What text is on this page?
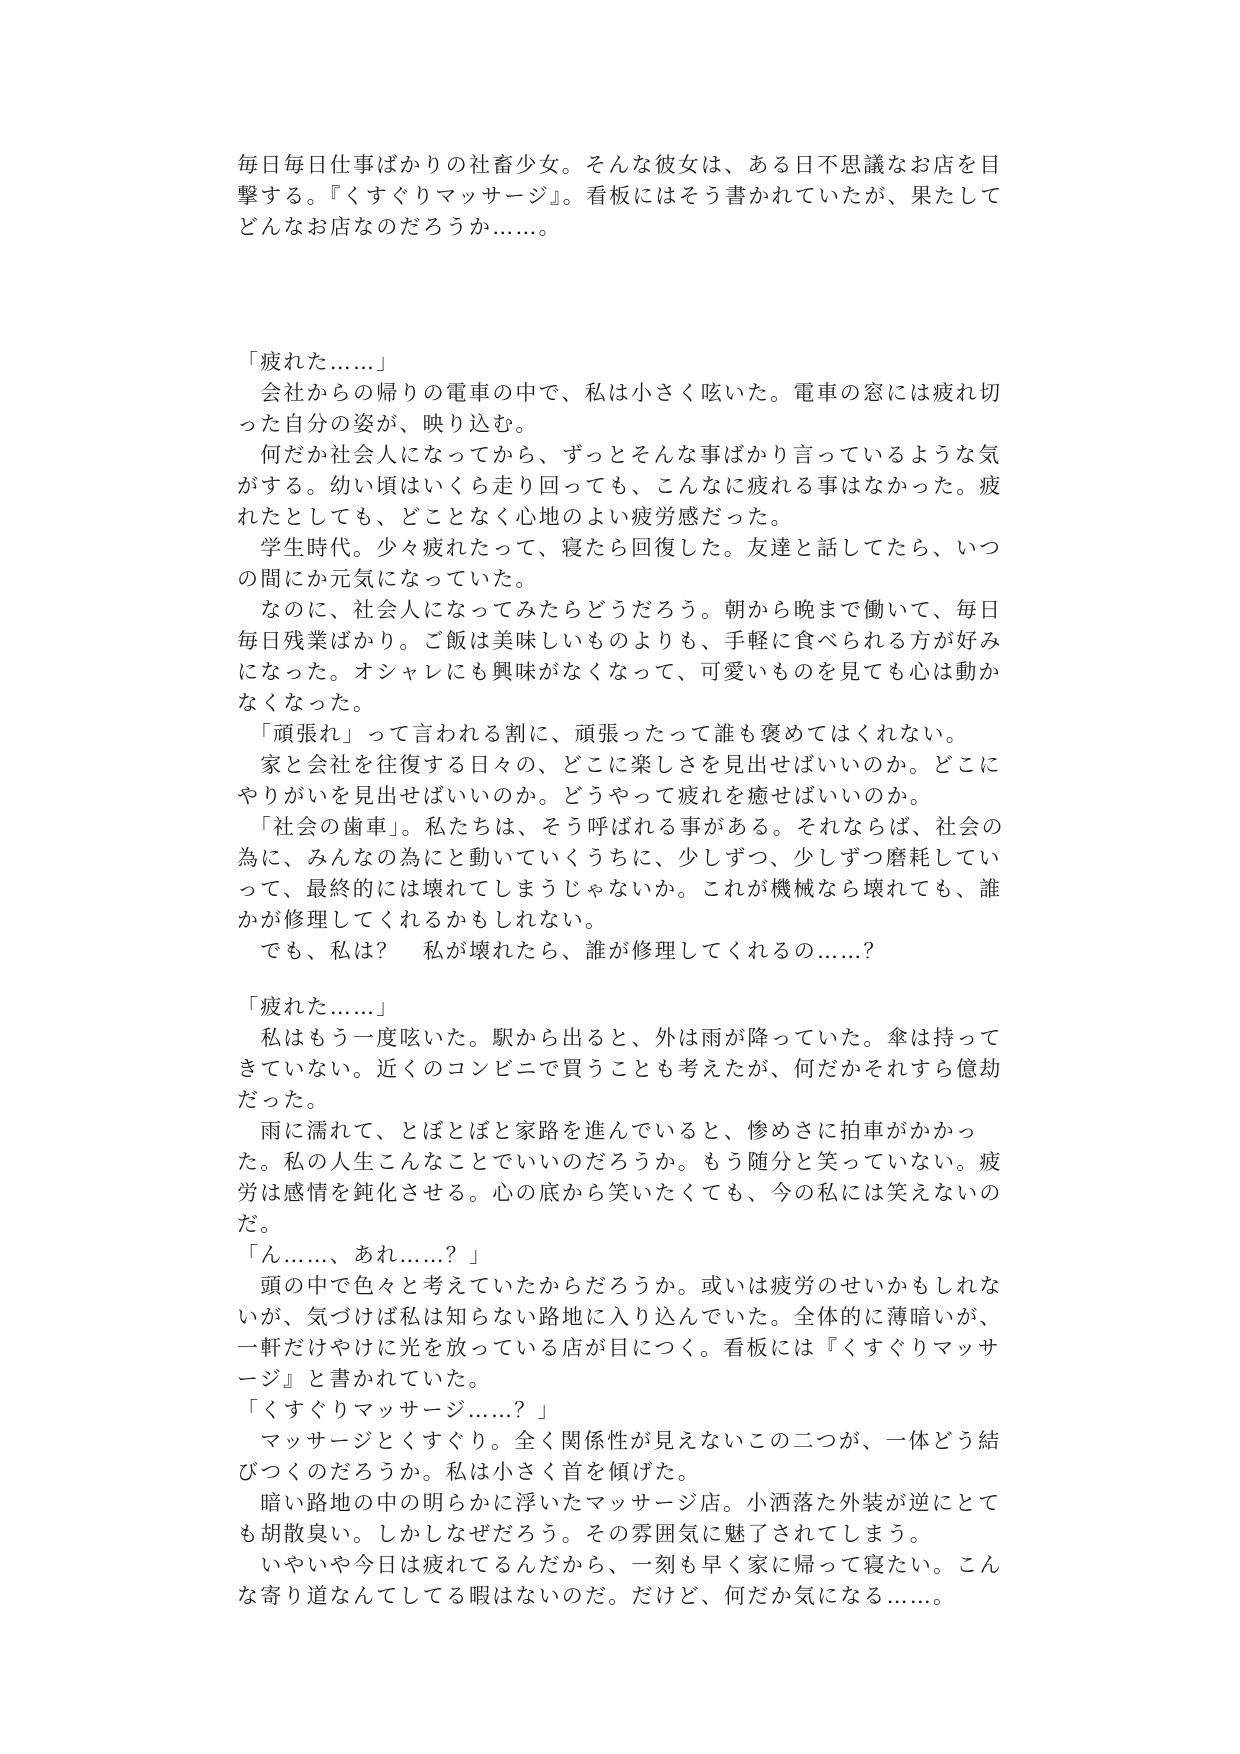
毎日毎日仕事ばかりの社畜少女。そんな彼女は、ある日不思議なお店を目撃する。『くすぐりマッサージ』。看板にはそう書かれていたが、果たしてどんなお店なのだろうか……。

「疲れた……」

　会社からの帰りの電車の中で、私は小さく呟いた。電車の窓には疲れ切った自分の姿が、映り込む。

　何だか社会人になってから、ずっとそんな事ばかり言っているような気がする。幼い頃はいくら走り回っても、こんなに疲れる事はなかった。疲れたとしても、どことなく心地のよい疲労感だった。

　学生時代。少々疲れたって、寝たら回復した。友達と話してたら、いつの間にか元気になっていた。

　なのに、社会人になってみたらどうだろう。朝から晩まで働いて、毎日毎日残業ばかり。ご飯は美味しいものよりも、手軽に食べられる方が好みになった。オシャレにも興味がなくなって、可愛いものを見ても心は動かなくなった。

　「頑張れ」って言われる割に、頑張ったって誰も褒めてはくれない。

　家と会社を往復する日々の、どこに楽しさを見出せばいいのか。どこにやりがいを見出せばいいのか。どうやって疲れを癒せばいいのか。

　「社会の歯車」。私たちは、そう呼ばれる事がある。それならば、社会の為に、みんなの為にと動いていくうちに、少しずつ、少しずつ磨耗していって、最終的には壊れてしまうじゃないか。これが機械なら壊れても、誰かが修理してくれるかもしれない。

　でも、私は？　私が壊れたら、誰が修理してくれるの……？

「疲れた……」

　私はもう一度呟いた。駅から出ると、外は雨が降っていた。傘は持ってきていない。近くのコンビニで買うことも考えたが、何だかそれすら億劫だった。

　雨に濡れて、とぼとぼと家路を進んでいると、惨めさに拍車がかかった。私の人生こんなことでいいのだろうか。もう随分と笑っていない。疲労は感情を鈍化させる。心の底から笑いたくても、今の私には笑えないのだ。

「ん……、あれ……？」

　頭の中で色々と考えていたからだろうか。或いは疲労のせいかもしれないが、気づけば私は知らない路地に入り込んでいた。全体的に薄暗いが、一軒だけやけに光を放っている店が目につく。看板には『くすぐりマッサージ』と書かれていた。

「くすぐりマッサージ……？」

　マッサージとくすぐり。全く関係性が見えないこの二つが、一体どう結びつくのだろうか。私は小さく首を傾げた。

　暗い路地の中の明らかに浮いたマッサージ店。小洒落た外装が逆にとても胡散臭い。しかしなぜだろう。その雰囲気に魅了されてしまう。

　いやいや今日は疲れてるんだから、一刻も早く家に帰って寝たい。こんな寄り道なんてしてる暇はないのだ。だけど、何だか気になる……。
